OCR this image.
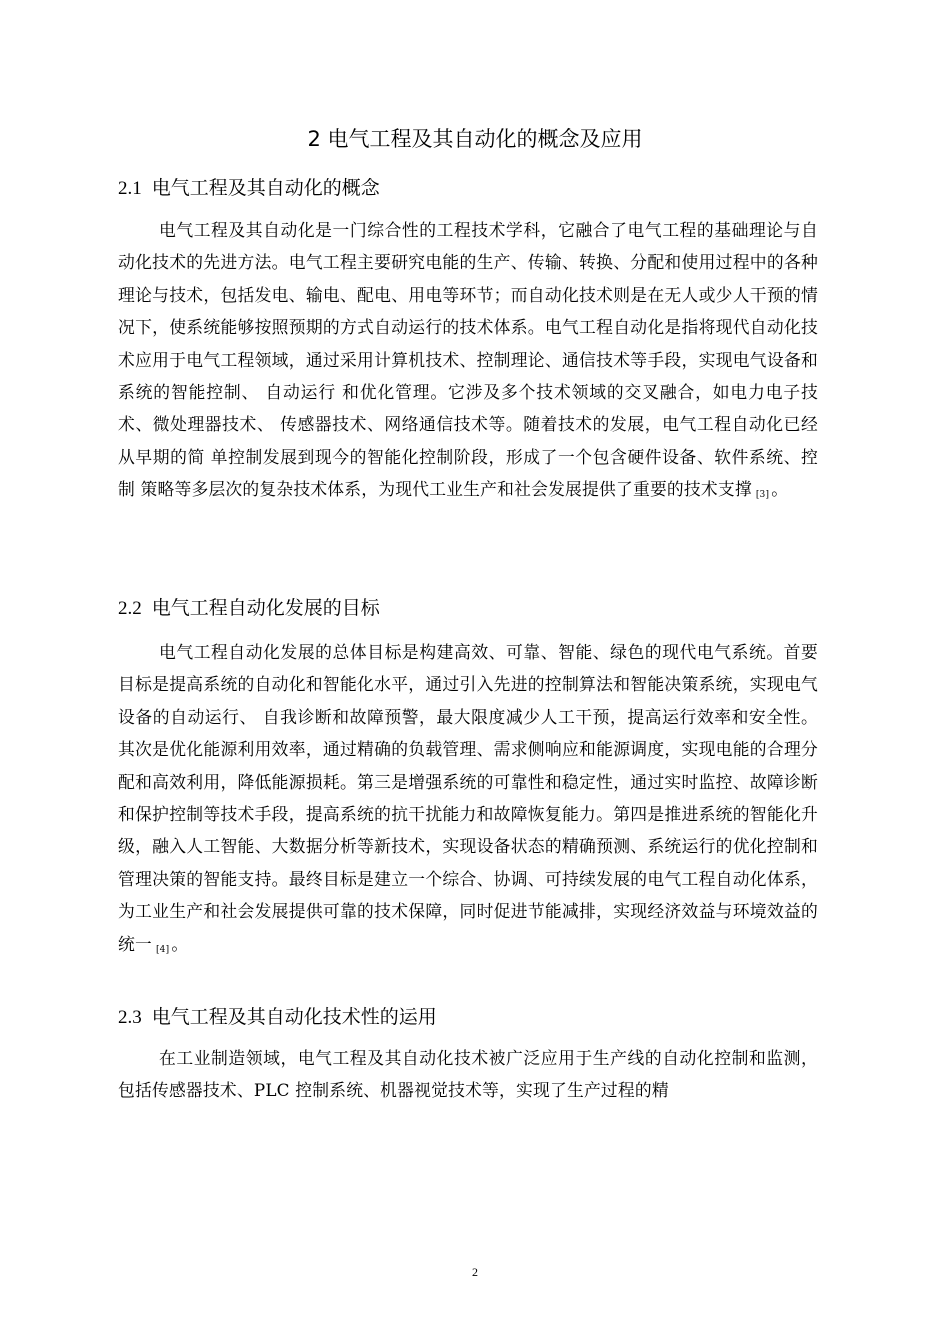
2 电气工程及其自动化的概念及应用
2.1 电气工程及其自动化的概念

电气工程及其自动化是一门综合性的工程技术学科，它融合了电气工程的基础理论与自动化技术的先进方法。电气工程主要研究电能的生产、传输、转换、分配和使用过程中的各种理论与技术，包括发电、输电、配电、用电等环节；而自动化技术则是在无人或少人干预的情况下，使系统能够按照预期的方式自动运行的技术体系。电气工程自动化是指将现代自动化技术应用于电气工程领域，通过采用计算机技术、控制理论、通信技术等手段，实现电气设备和系统的智能控制、 自动运行 和优化管理。它涉及多个技术领域的交叉融合，如电力电子技术、微处理器技术、 传感器技术、网络通信技术等。随着技术的发展，电气工程自动化已经从早期的简 单控制发展到现今的智能化控制阶段，形成了一个包含硬件设备、软件系统、控制 策略等多层次的复杂技术体系，为现代工业生产和社会发展提供了重要的技术支撑 [3] 。

2.2 电气工程自动化发展的目标

电气工程自动化发展的总体目标是构建高效、可靠、智能、绿色的现代电气系统。首要目标是提高系统的自动化和智能化水平，通过引入先进的控制算法和智能决策系统，实现电气设备的自动运行、 自我诊断和故障预警，最大限度减少人工干预，提高运行效率和安全性。其次是优化能源利用效率，通过精确的负载管理、需求侧响应和能源调度，实现电能的合理分配和高效利用，降低能源损耗。第三是增强系统的可靠性和稳定性，通过实时监控、故障诊断和保护控制等技术手段，提高系统的抗干扰能力和故障恢复能力。第四是推进系统的智能化升级，融入人工智能、大数据分析等新技术，实现设备状态的精确预测、系统运行的优化控制和管理决策的智能支持。最终目标是建立一个综合、协调、可持续发展的电气工程自动化体系，为工业生产和社会发展提供可靠的技术保障，同时促进节能减排，实现经济效益与环境效益的统一 [4] 。

2.3 电气工程及其自动化技术性的运用

在工业制造领域，电气工程及其自动化技术被广泛应用于生产线的自动化控制和监测，包括传感器技术、PLC 控制系统、机器视觉技术等，实现了生产过程的精

2
